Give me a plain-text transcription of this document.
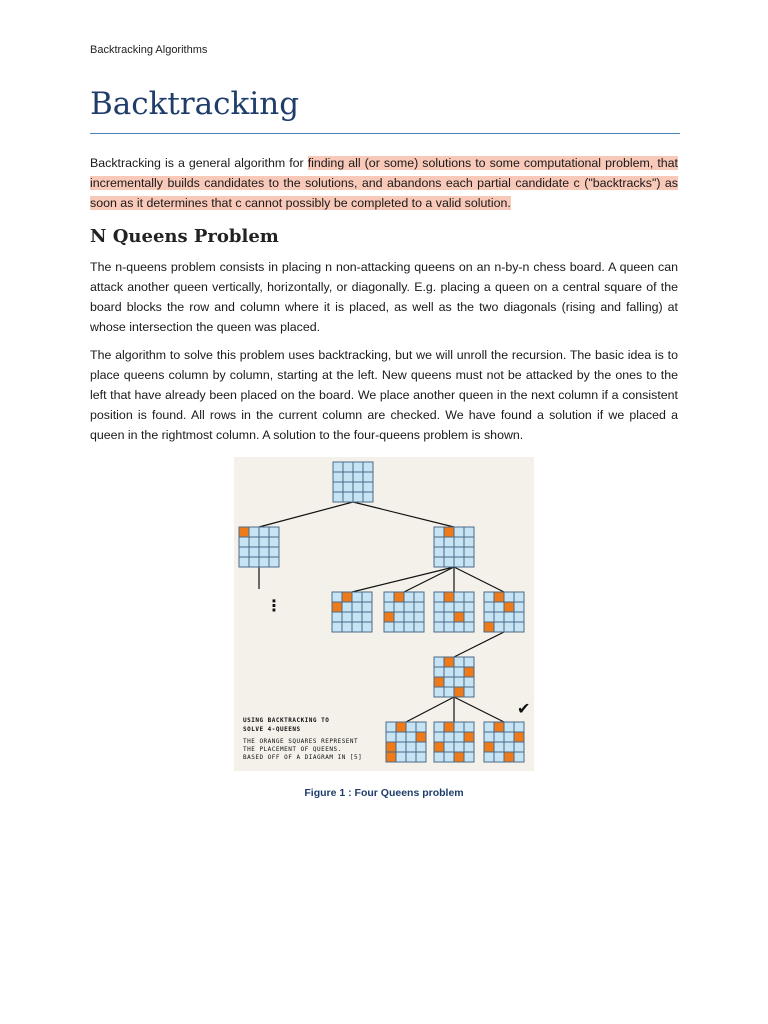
Backtracking Algorithms
Backtracking

Backtracking is a general algorithm for finding all (or some) solutions to some computational problem, that incrementally builds candidates to the solutions, and abandons each partial candidate c ("backtracks") as soon as it determines that c cannot possibly be completed to a valid solution.

N Queens Problem

The n-queens problem consists in placing n non-attacking queens on an n-by-n chess board. A queen can attack another queen vertically, horizontally, or diagonally. E.g. placing a queen on a central square of the board blocks the row and column where it is placed, as well as the two diagonals (rising and falling) at whose intersection the queen was placed.

The algorithm to solve this problem uses backtracking, but we will unroll the recursion. The basic idea is to place queens column by column, starting at the left. New queens must not be attacked by the ones to the left that have already been placed on the board. We place another queen in the next column if a consistent position is found. All rows in the current column are checked. We have found a solution if we placed a queen in the rightmost column. A solution to the four-queens problem is shown.

⋮
✔
USING BACKTRACKING TO
SOLVE 4-QUEENS
THE ORANGE SQUARES REPRESENT
THE PLACEMENT OF QUEENS.
BASED OFF OF A DIAGRAM IN [5]
Figure 1 : Four Queens problem
